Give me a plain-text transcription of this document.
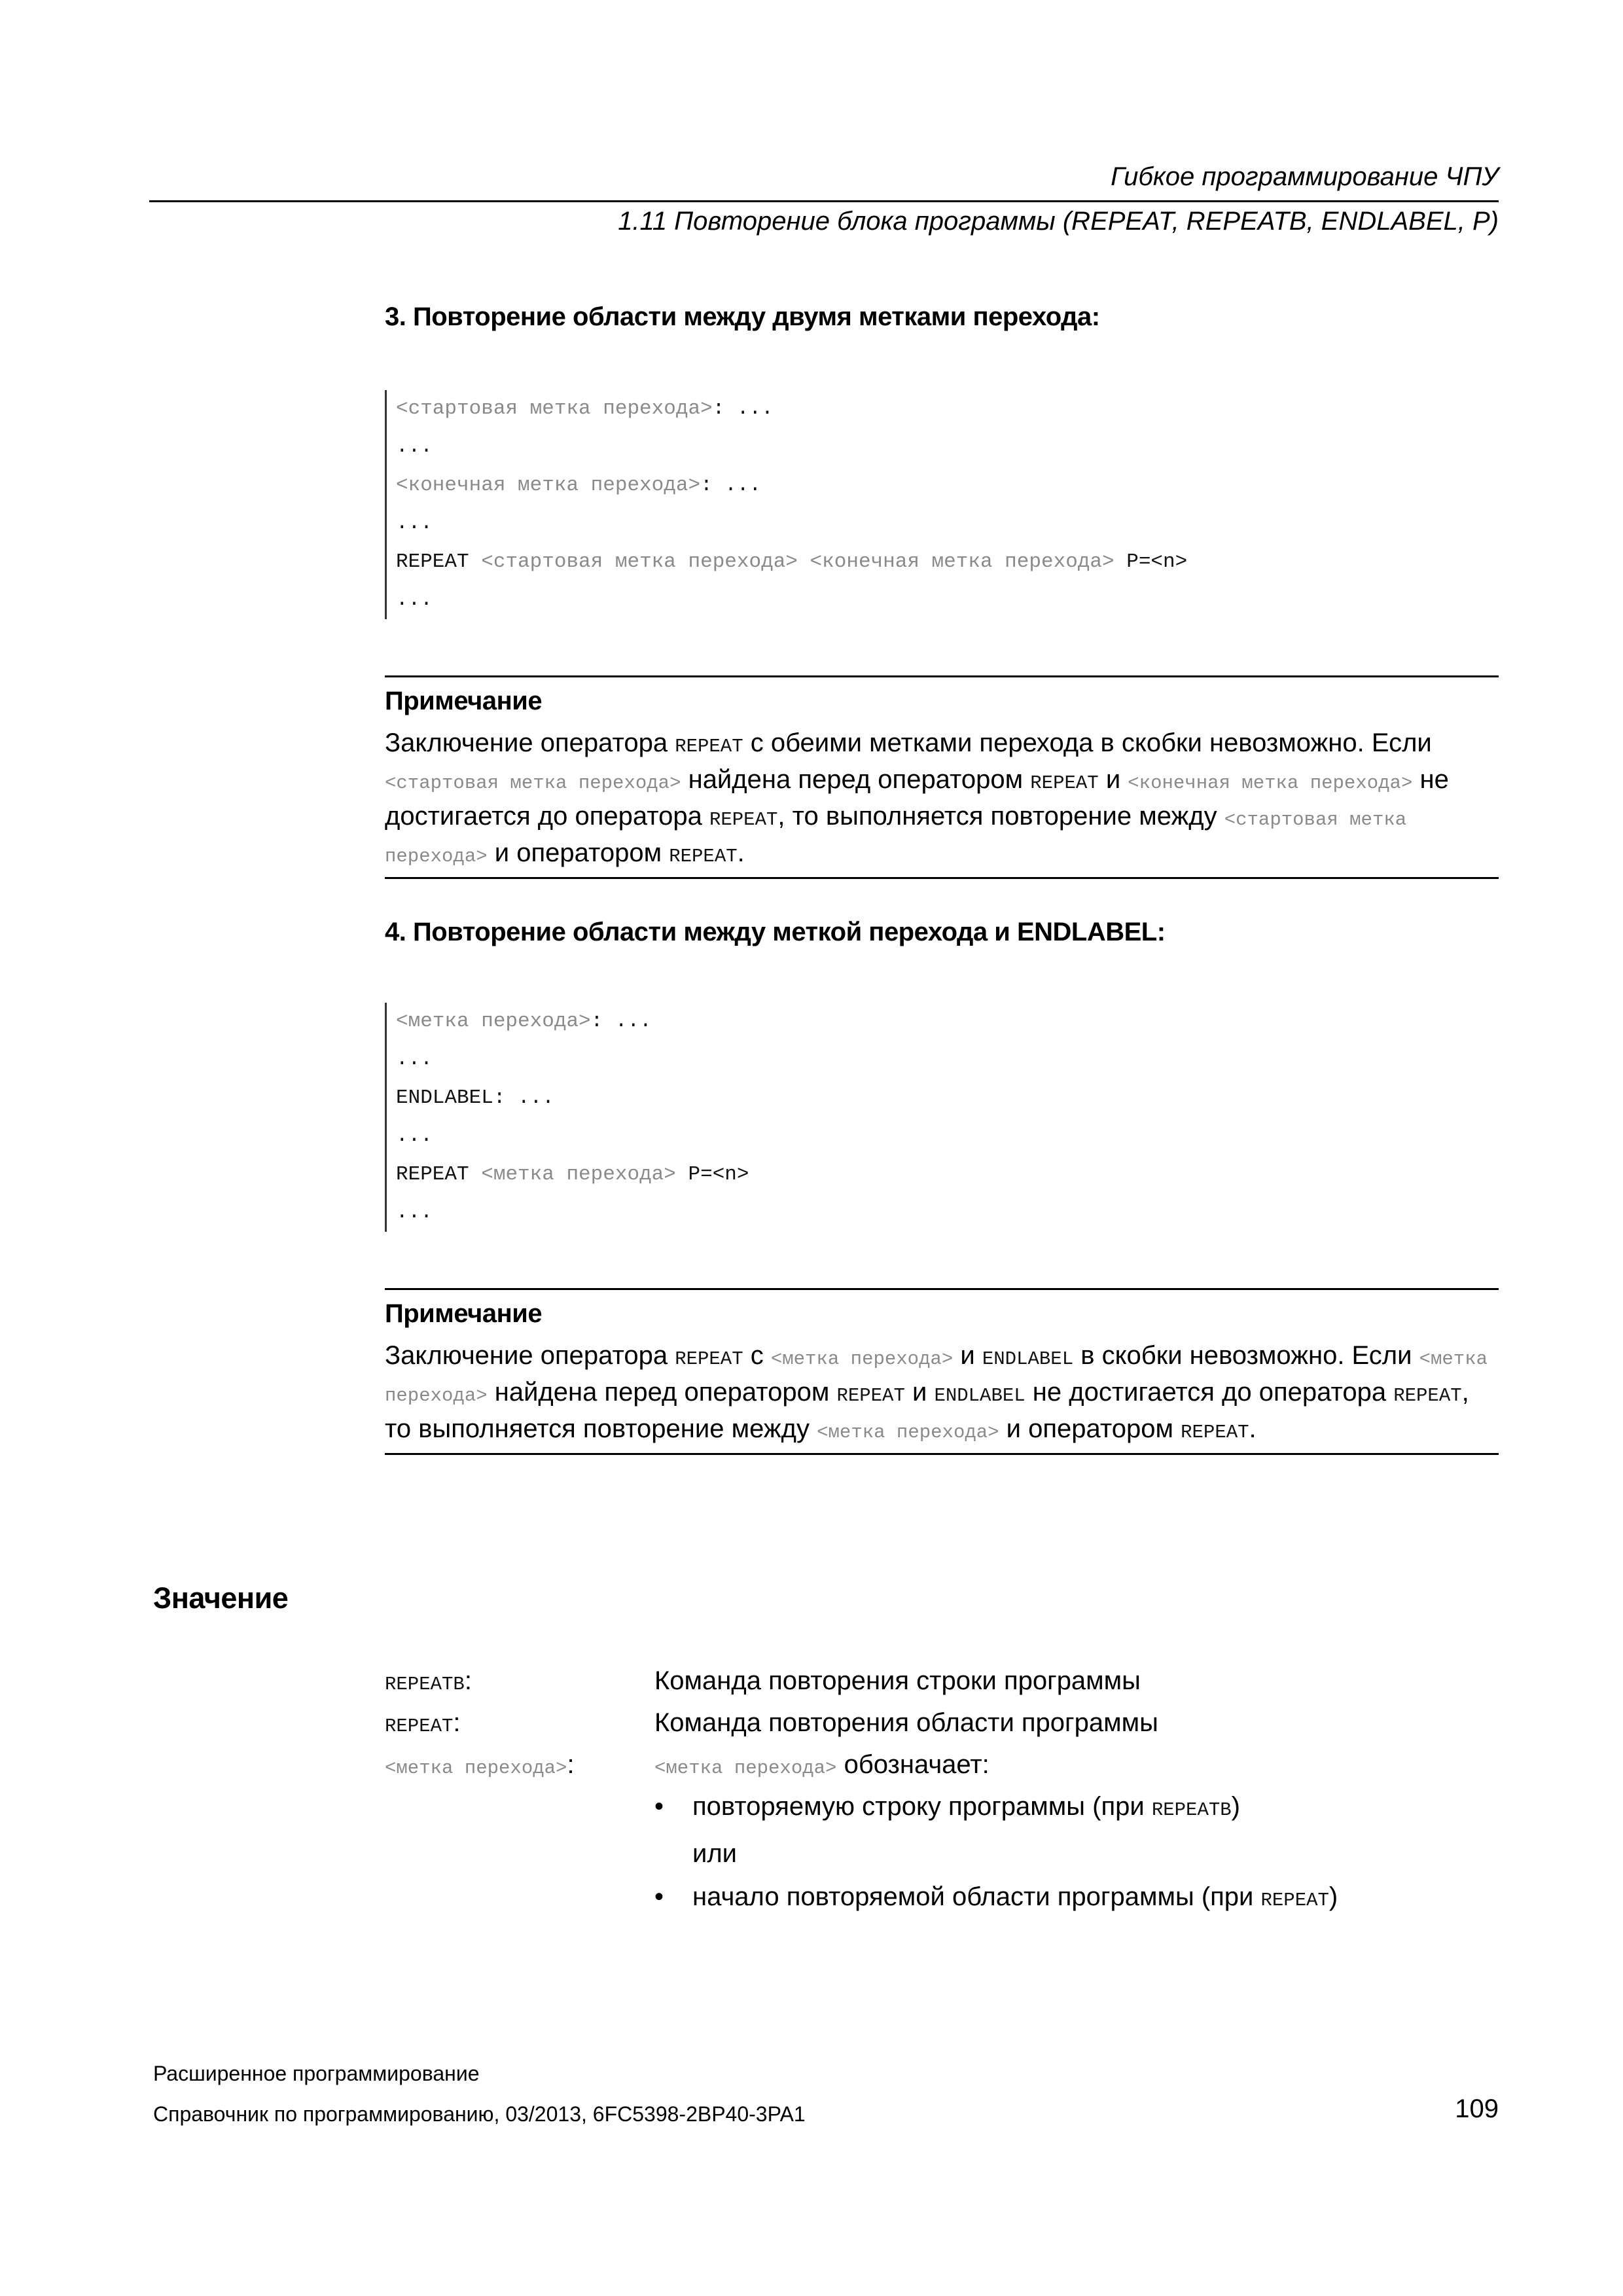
Гибкое программирование ЧПУ
1.11 Повторение блока программы (REPEAT, REPEATB, ENDLABEL, P)
3. Повторение области между двумя метками перехода:
<стартовая метка перехода>: ...
...
<конечная метка перехода>: ...
...
REPEAT <стартовая метка перехода> <конечная метка перехода> P=<n>
...
Примечание
Заключение оператора REPEAT с обеими метками перехода в скобки невозможно. Если <стартовая метка перехода> найдена перед оператором REPEAT и <конечная метка перехода> не достигается до оператора REPEAT, то выполняется повторение между <стартовая метка перехода> и оператором REPEAT.
4. Повторение области между меткой перехода и ENDLABEL:
<метка перехода>: ...
...
ENDLABEL: ...
...
REPEAT <метка перехода> P=<n>
...
Примечание
Заключение оператора REPEAT с <метка перехода> и ENDLABEL в скобки невозможно. Если <метка перехода> найдена перед оператором REPEAT и ENDLABEL не достигается до оператора REPEAT, то выполняется повторение между <метка перехода> и оператором REPEAT.
Значение
REPEATB:	Команда повторения строки программы
REPEAT:	Команда повторения области программы
<метка перехода>:	<метка перехода> обозначает:
• повторяемую строку программы (при REPEATB)
или
• начало повторяемой области программы (при REPEAT)
Расширенное программирование
Справочник по программированию, 03/2013, 6FC5398-2BP40-3PA1	109
